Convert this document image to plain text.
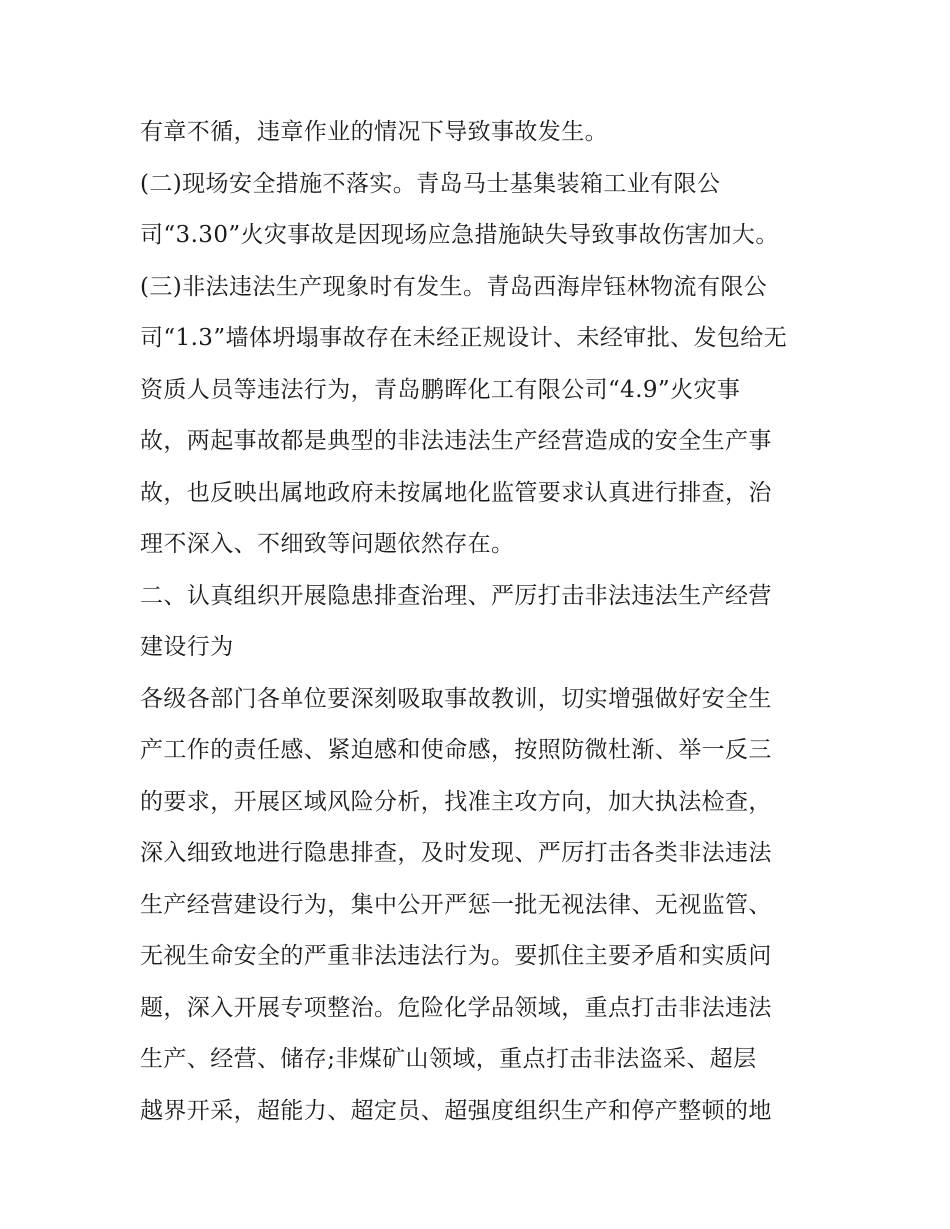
有章不循，违章作业的情况下导致事故发生。
(二)现场安全措施不落实。青岛马士基集装箱工业有限公
司“3.30”火灾事故是因现场应急措施缺失导致事故伤害加大。
(三)非法违法生产现象时有发生。青岛西海岸钰林物流有限公
司“1.3”墙体坍塌事故存在未经正规设计、未经审批、发包给无
资质人员等违法行为，青岛鹏晖化工有限公司“4.9”火灾事
故，两起事故都是典型的非法违法生产经营造成的安全生产事
故，也反映出属地政府未按属地化监管要求认真进行排查，治
理不深入、不细致等问题依然存在。
二、认真组织开展隐患排查治理、严厉打击非法违法生产经营
建设行为
各级各部门各单位要深刻吸取事故教训，切实增强做好安全生
产工作的责任感、紧迫感和使命感，按照防微杜渐、举一反三
的要求，开展区域风险分析，找准主攻方向，加大执法检查，
深入细致地进行隐患排查，及时发现、严厉打击各类非法违法
生产经营建设行为，集中公开严惩一批无视法律、无视监管、
无视生命安全的严重非法违法行为。要抓住主要矛盾和实质问
题，深入开展专项整治。危险化学品领域，重点打击非法违法
生产、经营、储存;非煤矿山领域，重点打击非法盗采、超层
越界开采，超能力、超定员、超强度组织生产和停产整顿的地
